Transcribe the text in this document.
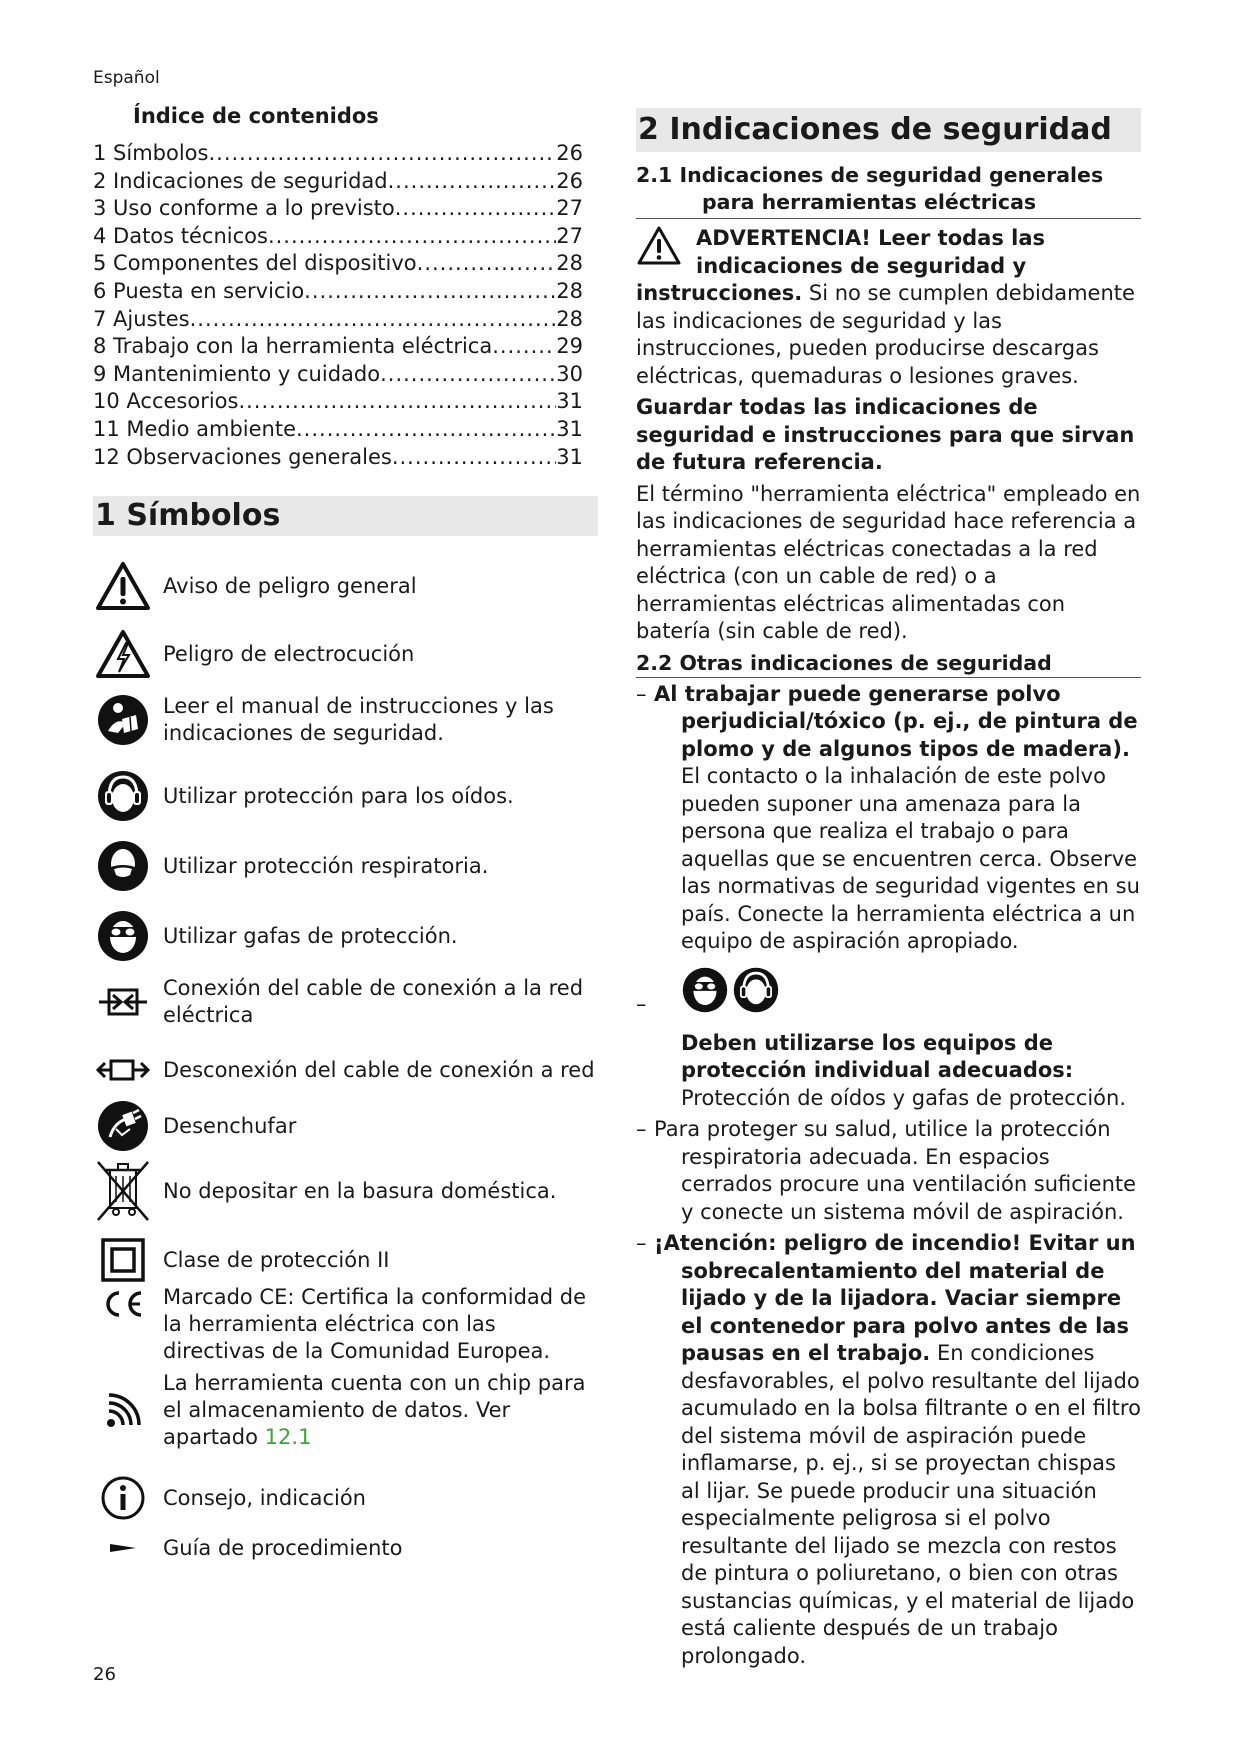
Español
Índice de contenidos
1 Símbolos .....	26
2 Indicaciones de seguridad .....	26
3 Uso conforme a lo previsto .....	27
4 Datos técnicos .....	27
5 Componentes del dispositivo .....	28
6 Puesta en servicio .....	28
7 Ajustes .....	28
8 Trabajo con la herramienta eléctrica .....	29
9 Mantenimiento y cuidado .....	30
10 Accesorios .....	31
11 Medio ambiente .....	31
12 Observaciones generales .....	31
1 Símbolos
Aviso de peligro general
Peligro de electrocución
Leer el manual de instrucciones y las indicaciones de seguridad.
Utilizar protección para los oídos.
Utilizar protección respiratoria.
Utilizar gafas de protección.
Conexión del cable de conexión a la red eléctrica
Desconexión del cable de conexión a red
Desenchufar
No depositar en la basura doméstica.
Clase de protección II
Marcado CE: Certifica la conformidad de la herramienta eléctrica con las directivas de la Comunidad Europea.
La herramienta cuenta con un chip para el almacenamiento de datos. Ver apartado 12.1
Consejo, indicación
Guía de procedimiento
2 Indicaciones de seguridad
2.1 Indicaciones de seguridad generales
para herramientas eléctricas
ADVERTENCIA! Leer todas las indicaciones de seguridad y instrucciones. Si no se cumplen debidamente las indicaciones de seguridad y las instrucciones, pueden producirse descargas eléctricas, quemaduras o lesiones graves.
Guardar todas las indicaciones de seguridad e instrucciones para que sirvan de futura referencia.
El término "herramienta eléctrica" empleado en las indicaciones de seguridad hace referencia a herramientas eléctricas conectadas a la red eléctrica (con un cable de red) o a herramientas eléctricas alimentadas con batería (sin cable de red).
2.2 Otras indicaciones de seguridad
– Al trabajar puede generarse polvo perjudicial/tóxico (p. ej., de pintura de plomo y de algunos tipos de madera). El contacto o la inhalación de este polvo pueden suponer una amenaza para la persona que realiza el trabajo o para aquellas que se encuentren cerca. Observe las normativas de seguridad vigentes en su país. Conecte la herramienta eléctrica a un equipo de aspiración apropiado.
–
Deben utilizarse los equipos de protección individual adecuados: Protección de oídos y gafas de protección.
– Para proteger su salud, utilice la protección respiratoria adecuada. En espacios cerrados procure una ventilación suficiente y conecte un sistema móvil de aspiración.
– ¡Atención: peligro de incendio! Evitar un sobrecalentamiento del material de lijado y de la lijadora. Vaciar siempre el contenedor para polvo antes de las pausas en el trabajo. En condiciones desfavorables, el polvo resultante del lijado acumulado en la bolsa filtrante o en el filtro del sistema móvil de aspiración puede inflamarse, p. ej., si se proyectan chispas al lijar. Se puede producir una situación especialmente peligrosa si el polvo resultante del lijado se mezcla con restos de pintura o poliuretano, o bien con otras sustancias químicas, y el material de lijado está caliente después de un trabajo prolongado.
26
